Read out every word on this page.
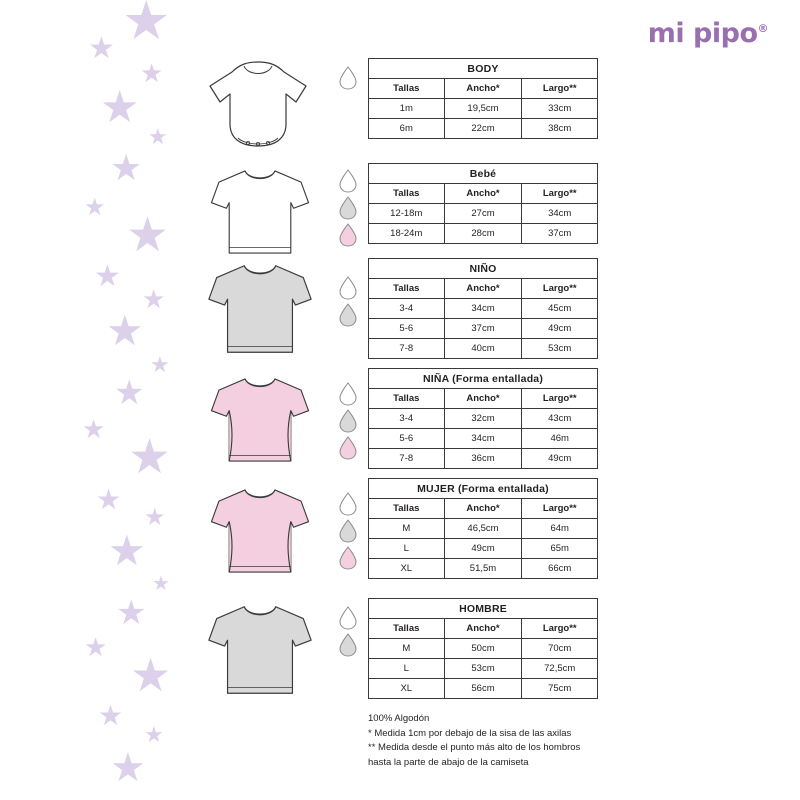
★
★
★
★
★
★
★
★
★
★
★
★
★
★
★
★
★
★
★
★
★
★
★
★
★
mi pipo®
BODY		
Tallas	Ancho*	Largo**
1m	19,5cm	33cm
6m	22cm	38cm
Bebé		
Tallas	Ancho*	Largo**
12-18m	27cm	34cm
18-24m	28cm	37cm
NIÑO		
Tallas	Ancho*	Largo**
3-4	34cm	45cm
5-6	37cm	49cm
7-8	40cm	53cm
NIÑA (Forma entallada)		
Tallas	Ancho*	Largo**
3-4	32cm	43cm
5-6	34cm	46m
7-8	36cm	49cm
MUJER (Forma entallada)		
Tallas	Ancho*	Largo**
M	46,5cm	64m
L	49cm	65m
XL	51,5m	66cm
HOMBRE		
Tallas	Ancho*	Largo**
M	50cm	70cm
L	53cm	72,5cm
XL	56cm	75cm
100% Algodón
* Medida 1cm por debajo de la sisa de las axilas
** Medida desde el punto más alto de los hombros
hasta la parte de abajo de la camiseta
